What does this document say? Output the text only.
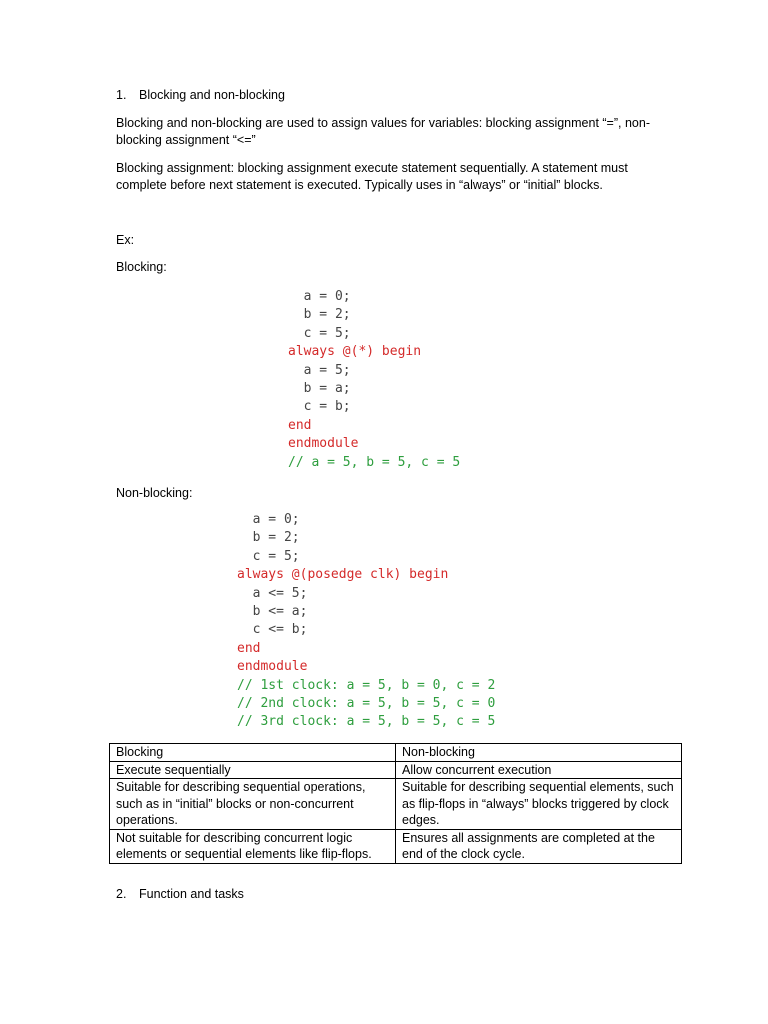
1. Blocking and non-blocking
Blocking and non-blocking are used to assign values for variables: blocking assignment “=”, non-blocking assignment “<=”
Blocking assignment: blocking assignment execute statement sequentially. A statement must complete before next statement is executed. Typically uses in “always” or “initial” blocks.
Ex:
Blocking:
a = 0;
b = 2;
c = 5;
always @(*) begin
a = 5;
b = a;
c = b;
end
endmodule
// a = 5, b = 5, c = 5
Non-blocking:
a = 0;
b = 2;
c = 5;
always @(posedge clk) begin
a <= 5;
b <= a;
c <= b;
end
endmodule
// 1st clock: a = 5, b = 0, c = 2
// 2nd clock: a = 5, b = 5, c = 0
// 3rd clock: a = 5, b = 5, c = 5
Blocking	Non-blocking
Execute sequentially	Allow concurrent execution
Suitable for describing sequential operations, such as in “initial” blocks or non-concurrent operations.	Suitable for describing sequential elements, such as flip-flops in “always” blocks triggered by clock edges.
Not suitable for describing concurrent logic elements or sequential elements like flip-flops.	Ensures all assignments are completed at the end of the clock cycle.
2. Function and tasks
